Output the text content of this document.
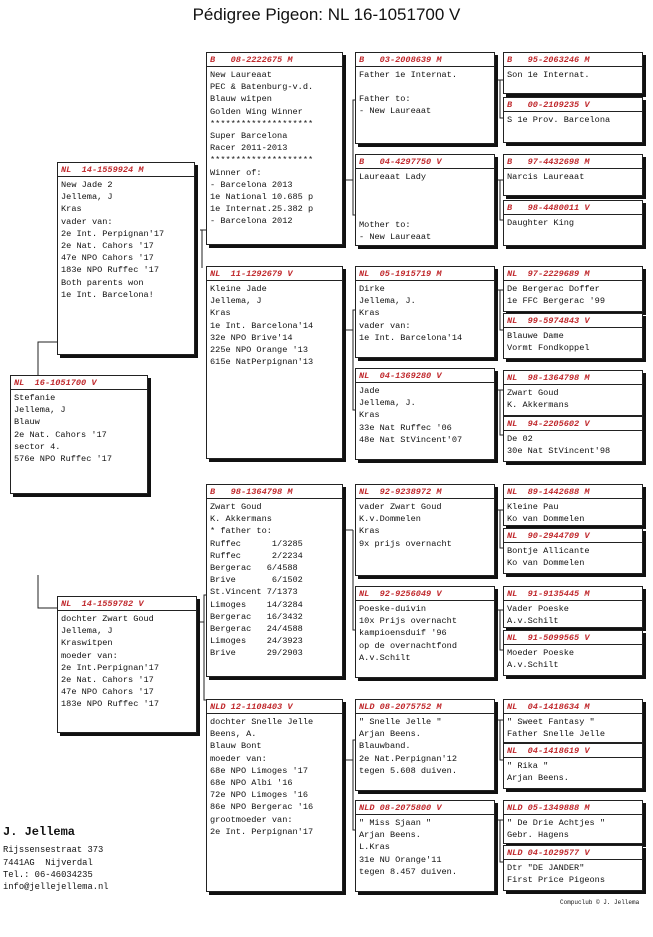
Pédigree Pigeon: NL 16-1051700 V
NL  16-1051700 V
Stefanie
Jellema, J
Blauw
2e Nat. Cahors '17
sector 4.
576e NPO Ruffec '17
NL  14-1559924 M
New Jade 2
Jellema, J
Kras
vader van:
2e Int. Perpignan'17
2e Nat. Cahors '17
47e NPO Cahors '17
183e NPO Ruffec '17
Both parents won
1e Int. Barcelona!
NL  14-1559782 V
dochter Zwart Goud
Jellema, J
Kraswitpen
moeder van:
2e Int.Perpignan'17
2e Nat. Cahors '17
47e NPO Cahors '17
183e NPO Ruffec '17
B   08-2222675 M
New Laureaat
PEC & Batenburg-v.d.
Blauw witpen
Golden Wing Winner
********************
Super Barcelona
Racer 2011-2013
********************
Winner of:
- Barcelona 2013
1e National 10.685 p
1e Internat.25.382 p
- Barcelona 2012
NL  11-1292679 V
Kleine Jade
Jellema, J
Kras
1e Int. Barcelona'14
32e NPO Brive'14
225e NPO Orange '13
615e NatPerpignan'13
B   98-1364798 M
Zwart Goud
K. Akkermans
* father to:
Ruffec      1/3285
Ruffec      2/2234
Bergerac   6/4588
Brive       6/1502
St.Vincent 7/1373
Limoges    14/3284
Bergerac   16/3432
Bergerac   24/4588
Limoges    24/3923
Brive      29/2903
NLD 12-1108403 V
dochter Snelle Jelle
Beens, A.
Blauw Bont
moeder van:
68e NPO Limoges '17
68e NPO Albi '16
72e NPO Limoges '16
86e NPO Bergerac '16
grootmoeder van:
2e Int. Perpignan'17
B   03-2008639 M
Father 1e Internat.
Father to:
- New Laureaat
B   04-4297750 V
Laureaat Lady
Mother to:
- New Laureaat
NL  05-1915719 M
Dirke
Jellema, J.
Kras
vader van:
1e Int. Barcelona'14
NL  04-1369280 V
Jade
Jellema, J.
Kras
33e Nat Ruffec '06
48e Nat StVincent'07
NL  92-9238972 M
vader Zwart Goud
K.v.Dommelen
Kras
9x prijs overnacht
NL  92-9256049 V
Poeske-duivin
10x Prijs overnacht
kampioensduif '96
op de overnachtfond
A.v.Schilt
NLD 08-2075752 M
" Snelle Jelle "
Arjan Beens.
Blauwband.
2e Nat.Perpignan'12
tegen 5.608 duiven.
NLD 08-2075800 V
" Miss Sjaan "
Arjan Beens.
L.Kras
31e NU Orange'11
tegen 8.457 duiven.
B   95-2063246 M
Son 1e Internat.
B   00-2109235 V
S 1e Prov. Barcelona
B   97-4432698 M
Narcis Laureaat
B   98-4480011 V
Daughter King
NL  97-2229689 M
De Bergerac Doffer
1e FFC Bergerac '99
NL  99-5974843 V
Blauwe Dame
Vormt Fondkoppel
NL  98-1364798 M
Zwart Goud
K. Akkermans
NL  94-2205602 V
De 02
30e Nat StVincent'98
NL  89-1442688 M
Kleine Pau
Ko van Dommelen
NL  90-2944709 V
Bontje Allicante
Ko van Dommelen
NL  91-9135445 M
Vader Poeske
A.v.Schilt
NL  91-5099565 V
Moeder Poeske
A.v.Schilt
NL  04-1418634 M
" Sweet Fantasy "
Father Snelle Jelle
NL  04-1418619 V
" Rika "
Arjan Beens.
NLD 05-1349888 M
" De Drie Achtjes "
Gebr. Hagens
NLD 04-1029577 V
Dtr "DE JANDER"
First Price Pigeons
J. Jellema
Rijssensestraat 373
7441AG  Nijverdal
Tel.: 06-46034235
info@jellejellema.nl
Compuclub © J. Jellema
